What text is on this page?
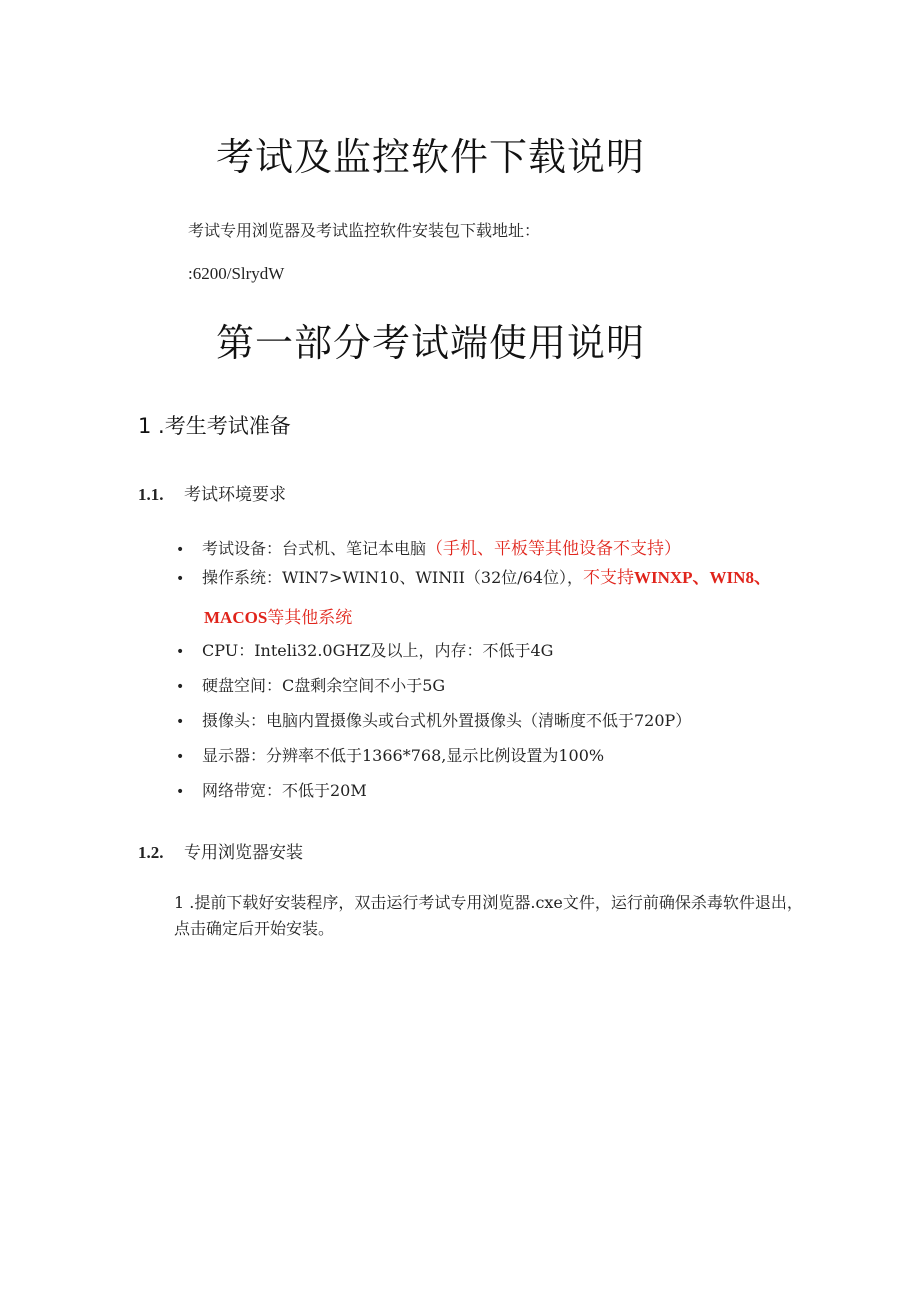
考试及监控软件下载说明
考试专用浏览器及考试监控软件安装包下载地址：
:6200/SlrydW
第一部分考试端使用说明
1 .考生考试准备
1.1. 考试环境要求
• 考试设备：台式机、笔记本电脑（手机、平板等其他设备不支持）
• 操作系统：WIN7>WIN10、WINII（32位/64位），不支持WINXP、WIN8、
MACOS等其他系统
• CPU：Inteli32.0GHZ及以上，内存：不低于4G
• 硬盘空间：C盘剩余空间不小于5G
• 摄像头：电脑内置摄像头或台式机外置摄像头（清晰度不低于720P）
• 显示器：分辨率不低于1366*768,显示比例设置为100%
• 网络带宽：不低于20M
1.2. 专用浏览器安装
1 .提前下载好安装程序，双击运行考试专用浏览器.cxe文件，运行前确保杀毒软件退出，点击确定后开始安装。
